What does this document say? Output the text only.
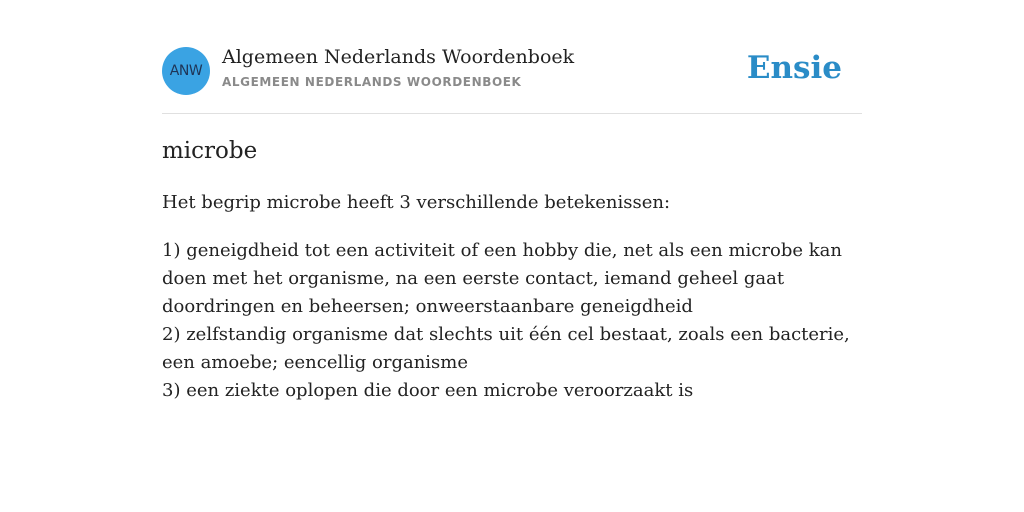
ANW
Algemeen Nederlands Woordenboek
ALGEMEEN NEDERLANDS WOORDENBOEK	Ensie
microbe
Het begrip microbe heeft 3 verschillende betekenissen:

1) geneigdheid tot een activiteit of een hobby die, net als een microbe kan doen met het organisme, na een eerste contact, iemand geheel gaat doordringen en beheersen; onweerstaanbare geneigdheid

2) zelfstandig organisme dat slechts uit één cel bestaat, zoals een bacterie, een amoebe; eencellig organisme

3) een ziekte oplopen die door een microbe veroorzaakt is
